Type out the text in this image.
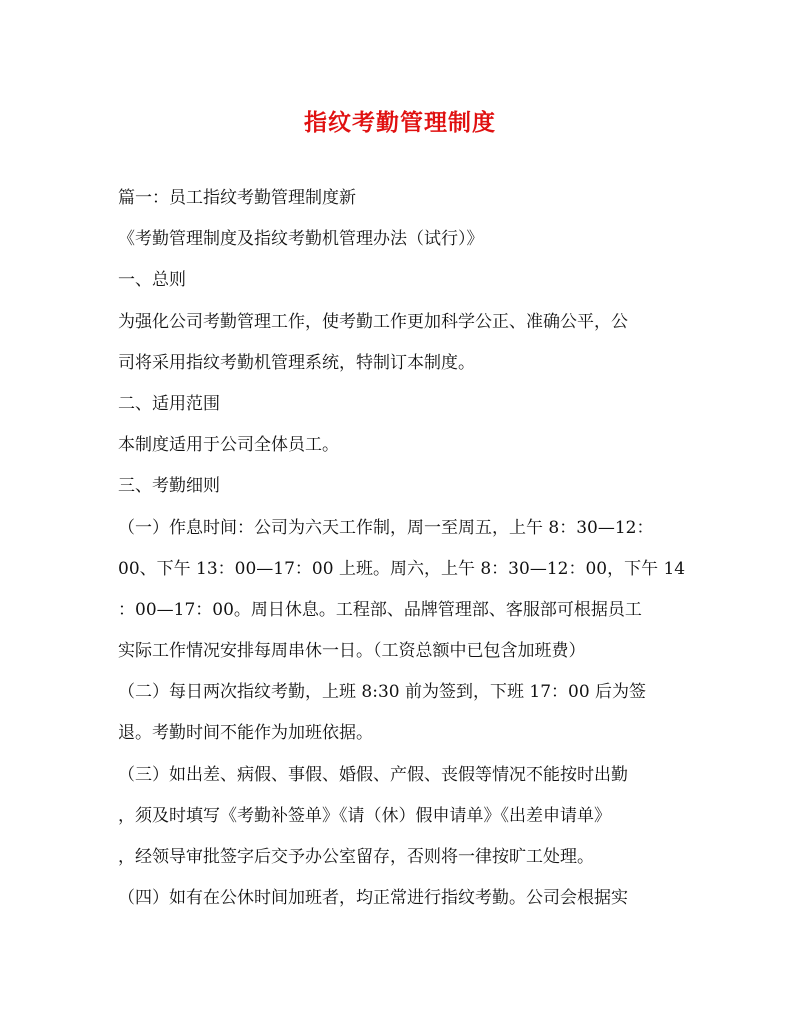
指纹考勤管理制度
篇一：员工指纹考勤管理制度新
《考勤管理制度及指纹考勤机管理办法（试行）》
一、总则
为强化公司考勤管理工作，使考勤工作更加科学公正、准确公平，公
司将采用指纹考勤机管理系统，特制订本制度。
二、适用范围
本制度适用于公司全体员工。
三、考勤细则
（一）作息时间：公司为六天工作制，周一至周五，上午 8：30—12：
00、下午 13：00—17：00 上班。周六，上午 8：30—12：00，下午 14
：00—17：00。周日休息。工程部、品牌管理部、客服部可根据员工
实际工作情况安排每周串休一日。（工资总额中已包含加班费）
（二）每日两次指纹考勤，上班 8:30 前为签到，下班 17：00 后为签
退。考勤时间不能作为加班依据。
（三）如出差、病假、事假、婚假、产假、丧假等情况不能按时出勤
，须及时填写《考勤补签单》《请（休）假申请单》《出差申请单》
，经领导审批签字后交予办公室留存，否则将一律按旷工处理。
（四）如有在公休时间加班者，均正常进行指纹考勤。公司会根据实
